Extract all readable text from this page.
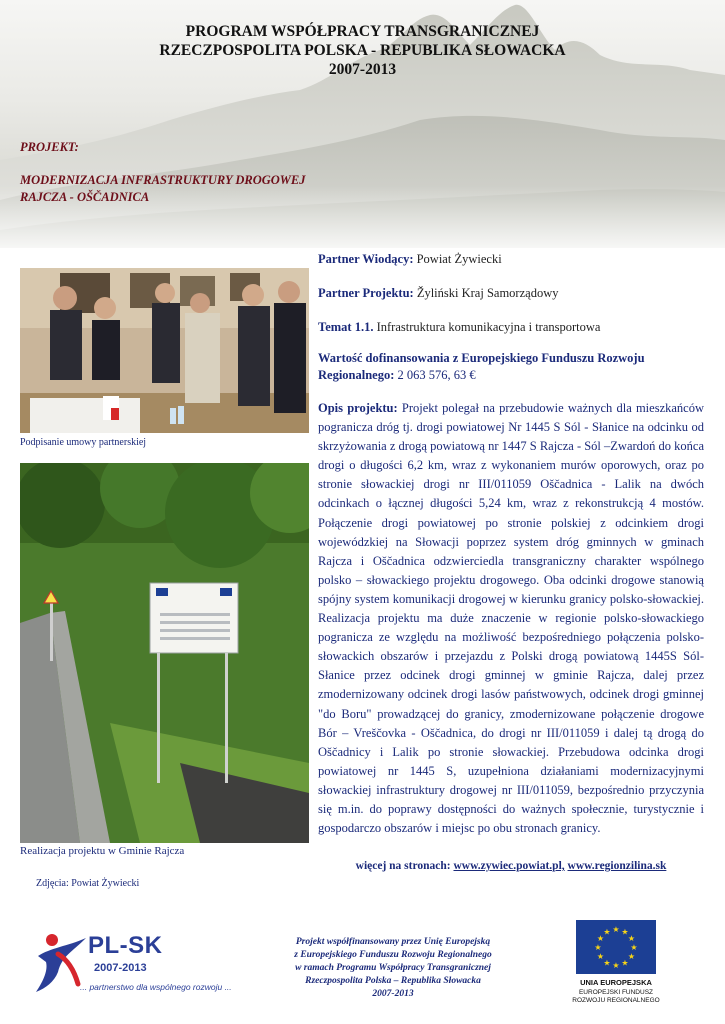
PROGRAM WSPÓŁPRACY TRANSGRANICZNEJ
RZECZPOSPOLITA POLSKA - REPUBLIKA SŁOWACKA
2007-2013
PROJEKT:
MODERNIZACJA INFRASTRUKTURY DROGOWEJ
RAJCZA - OŠČADNICA
Podpisanie umowy partnerskiej
Realizacja projektu w Gminie Rajcza
Zdjęcia: Powiat Żywiecki
Partner Wiodący: Powiat Żywiecki
Partner Projektu: Žyliński Kraj Samorządowy
Temat 1.1. Infrastruktura komunikacyjna i transportowa
Wartość dofinansowania z Europejskiego Funduszu Rozwoju Regionalnego: 2 063 576, 63 €
Opis projektu: Projekt polegał na przebudowie ważnych dla mieszkańców pogranicza dróg tj. drogi powiatowej Nr 1445 S Sól - Słanice na odcinku od skrzyżowania z drogą powiatową nr 1447 S Rajcza - Sól –Zwardoń do końca drogi o długości 6,2 km, wraz z wykonaniem murów oporowych, oraz po stronie słowackiej drogi nr III/011059 Oščadnica - Lalik na dwóch odcinkach o łącznej długości 5,24 km, wraz z rekonstrukcją 4 mostów. Połączenie drogi powiatowej po stronie polskiej z odcinkiem drogi wojewódzkiej na Słowacji poprzez system dróg gminnych w gminach Rajcza i Oščadnica odzwierciedla transgraniczny charakter wspólnego polsko – słowackiego projektu drogowego. Oba odcinki drogowe stanowią spójny system komunikacji drogowej w kierunku granicy polsko-słowackiej. Realizacja projektu ma duże znaczenie w regionie polsko-słowackiego pogranicza ze względu na możliwość bezpośredniego połączenia polsko-słowackich obszarów i przejazdu z Polski drogą powiatową 1445S Sól-Słanice przez odcinek drogi gminnej w gminie Rajcza, dalej przez zmodernizowany odcinek drogi lasów państwowych, odcinek drogi gminnej "do Boru" prowadzącej do granicy, zmodernizowane połączenie drogowe Bór – Vreščovka - Oščadnica, do drogi nr III/011059 i dalej tą drogą do Oščadnicy i Lalik po stronie słowackiej. Przebudowa odcinka drogi powiatowej nr 1445 S, uzupełniona działaniami modernizacyjnymi słowackiej infrastruktury drogowej nr III/011059, bezpośrednio przyczynia się m.in. do poprawy dostępności do ważnych społecznie, turystycznie i gospodarczo obszarów i miejsc po obu stronach granicy.
więcej na stronach: www.zywiec.powiat.pl, www.regionzilina.sk
PL-SK
2007-2013
... partnerstwo dla wspólnego rozwoju ...
Projekt współfinansowany przez Unię Europejską
z Europejskiego Funduszu Rozwoju Regionalnego
w ramach Programu Współpracy Transgranicznej
Rzeczpospolita Polska – Republika Słowacka
2007-2013
★ ★
★
★
★
★
★
★
★
★
★
★
UNIA EUROPEJSKA
EUROPEJSKI FUNDUSZ
ROZWOJU REGIONALNEGO
